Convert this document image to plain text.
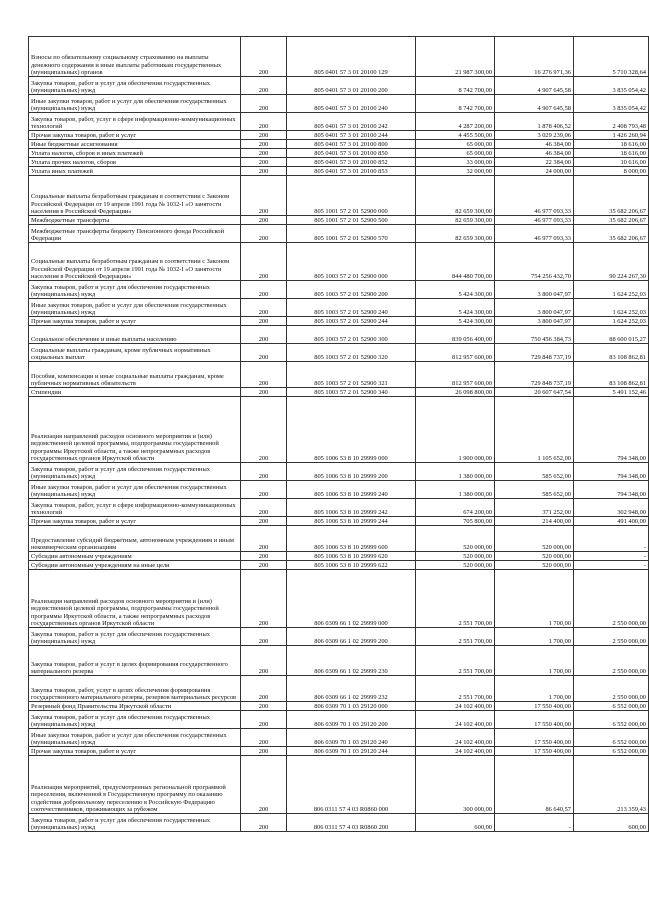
Взносы по обязательному социальному страхованию на выплаты денежного содержания и иные выплаты работникам государственных (муниципальных) органов	200	805 0401 57 3 01 20100 129	21 987 300,00	16 276 971,36	5 710 328,64
Закупка товаров, работ и услуг для обеспечения государственных (муниципальных) нужд	200	805 0401 57 3 01 20100 200	8 742 700,00	4 907 645,58	3 835 054,42
Иные закупки товаров, работ и услуг для обеспечения государственных (муниципальных) нужд	200	805 0401 57 3 01 20100 240	8 742 700,00	4 907 645,58	3 835 054,42
Закупка товаров, работ, услуг в сфере информационно-коммуникационных технологий	200	805 0401 57 3 01 20100 242	4 287 200,00	1 878 406,52	2 408 793,48
Прочая закупка товаров, работ и услуг	200	805 0401 57 3 01 20100 244	4 455 500,00	3 029 239,06	1 426 260,94
Иные бюджетные ассигнования	200	805 0401 57 3 01 20100 800	65 000,00	46 384,00	18 616,00
Уплата налогов, сборов и иных платежей	200	805 0401 57 3 01 20100 850	65 000,00	46 384,00	18 616,00
Уплата прочих налогов, сборов	200	805 0401 57 3 01 20100 852	33 000,00	22 384,00	10 616,00
Уплата иных платежей	200	805 0401 57 3 01 20100 853	32 000,00	24 000,00	8 000,00
Социальные выплаты безработным гражданам в соответствии с Законом Российской Федерации от 19 апреля 1991 года № 1032-I «О занятости населения в Российской Федерации»	200	805 1001 57 2 01 52900 000	82 659 300,00	46 977 093,33	35 682 206,67
Межбюджетные трансферты	200	805 1001 57 2 01 52900 500	82 659 300,00	46 977 093,33	35 682 206,67
Межбюджетные трансферты бюджету Пенсионного фонда Российской Федерации	200	805 1001 57 2 01 52900 570	82 659 300,00	46 977 093,33	35 682 206,67
Социальные выплаты безработным гражданам в соответствии с Законом Российской Федерации от 19 апреля 1991 года № 1032-I «О занятости населения в Российской Федерации»	200	805 1003 57 2 01 52900 000	844 480 700,00	754 256 432,70	90 224 267,30
Закупка товаров, работ и услуг для обеспечения государственных (муниципальных) нужд	200	805 1003 57 2 01 52900 200	5 424 300,00	3 800 047,97	1 624 252,03
Иные закупки товаров, работ и услуг для обеспечения государственных (муниципальных) нужд	200	805 1003 57 2 01 52900 240	5 424 300,00	3 800 047,97	1 624 252,03
Прочая закупка товаров, работ и услуг	200	805 1003 57 2 01 52900 244	5 424 300,00	3 800 047,97	1 624 252,03
Социальное обеспечение и иные выплаты населению	200	805 1003 57 2 01 52900 300	839 056 400,00	750 456 384,73	88 600 015,27
Социальные выплаты гражданам, кроме публичных нормативных социальных выплат	200	805 1003 57 2 01 52900 320	812 957 600,00	729 848 737,19	83 108 862,81
Пособия, компенсации и иные социальные выплаты гражданам, кроме публичных нормативных обязательств	200	805 1003 57 2 01 52900 321	812 957 600,00	729 848 737,19	83 108 862,81
Стипендии	200	805 1003 57 2 01 52900 340	26 098 800,00	20 607 647,54	5 491 152,46
Реализация направлений расходов основного мероприятия и (или) ведомственной целевой программы, подпрограммы государственной программы Иркутской области, а также непрограммных расходов государственных органов Иркутской области	200	805 1006 53 8 10 29999 000	1 900 000,00	1 105 652,00	794 348,00
Закупка товаров, работ и услуг для обеспечения государственных (муниципальных) нужд	200	805 1006 53 8 10 29999 200	1 380 000,00	585 652,00	794 348,00
Иные закупки товаров, работ и услуг для обеспечения государственных (муниципальных) нужд	200	805 1006 53 8 10 29999 240	1 380 000,00	585 652,00	794 348,00
Закупка товаров, работ, услуг в сфере информационно-коммуникационных технологий	200	805 1006 53 8 10 29999 242	674 200,00	371 252,00	302 948,00
Прочая закупка товаров, работ и услуг	200	805 1006 53 8 10 29999 244	705 800,00	214 400,00	491 400,00
Предоставление субсидий бюджетным, автономным учреждениям и иным некоммерческим организациям	200	805 1006 53 8 10 29999 600	520 000,00	520 000,00	-
Субсидии автономным учреждениям	200	805 1006 53 8 10 29999 620	520 000,00	520 000,00	-
Субсидии автономным учреждениям на иные цели	200	805 1006 53 8 10 29999 622	520 000,00	520 000,00	-
Реализация направлений расходов основного мероприятия и (или) ведомственной целевой программы, подпрограммы государственной программы Иркутской области, а также непрограммных расходов государственных органов Иркутской области	200	806 0309 66 1 02 29999 000	2 551 700,00	1 700,00	2 550 000,00
Закупка товаров, работ и услуг для обеспечения государственных (муниципальных) нужд	200	806 0309 66 1 02 29999 200	2 551 700,00	1 700,00	2 550 000,00
Закупка товаров, работ и услуг в целях формирования государственного материального резерва	200	806 0309 66 1 02 29999 230	2 551 700,00	1 700,00	2 550 000,00
Закупка товаров, работ, услуг в целях обеспечения формирования государственного материального резерва, резервов материальных ресурсов	200	806 0309 66 1 02 29999 232	2 551 700,00	1 700,00	2 550 000,00
Резервный фонд Правительства Иркутской области	200	806 0309 70 1 03 29120 000	24 102 400,00	17 550 400,00	6 552 000,00
Закупка товаров, работ и услуг для обеспечения государственных (муниципальных) нужд	200	806 0309 70 1 03 29120 200	24 102 400,00	17 550 400,00	6 552 000,00
Иные закупки товаров, работ и услуг для обеспечения государственных (муниципальных) нужд	200	806 0309 70 1 03 29120 240	24 102 400,00	17 550 400,00	6 552 000,00
Прочая закупка товаров, работ и услуг	200	806 0309 70 1 03 29120 244	24 102 400,00	17 550 400,00	6 552 000,00
Реализация мероприятий, предусмотренных региональной программой переселения, включенной в Государственную программу по оказанию содействия добровольному переселению в Российскую Федерацию соотечественников, проживающих за рубежом	200	806 0311 57 4 03 R0860 000	300 000,00	86 640,57	213 359,43
Закупка товаров, работ и услуг для обеспечения государственных (муниципальных) нужд	200	806 0311 57 4 03 R0860 200	600,00	-	600,00
